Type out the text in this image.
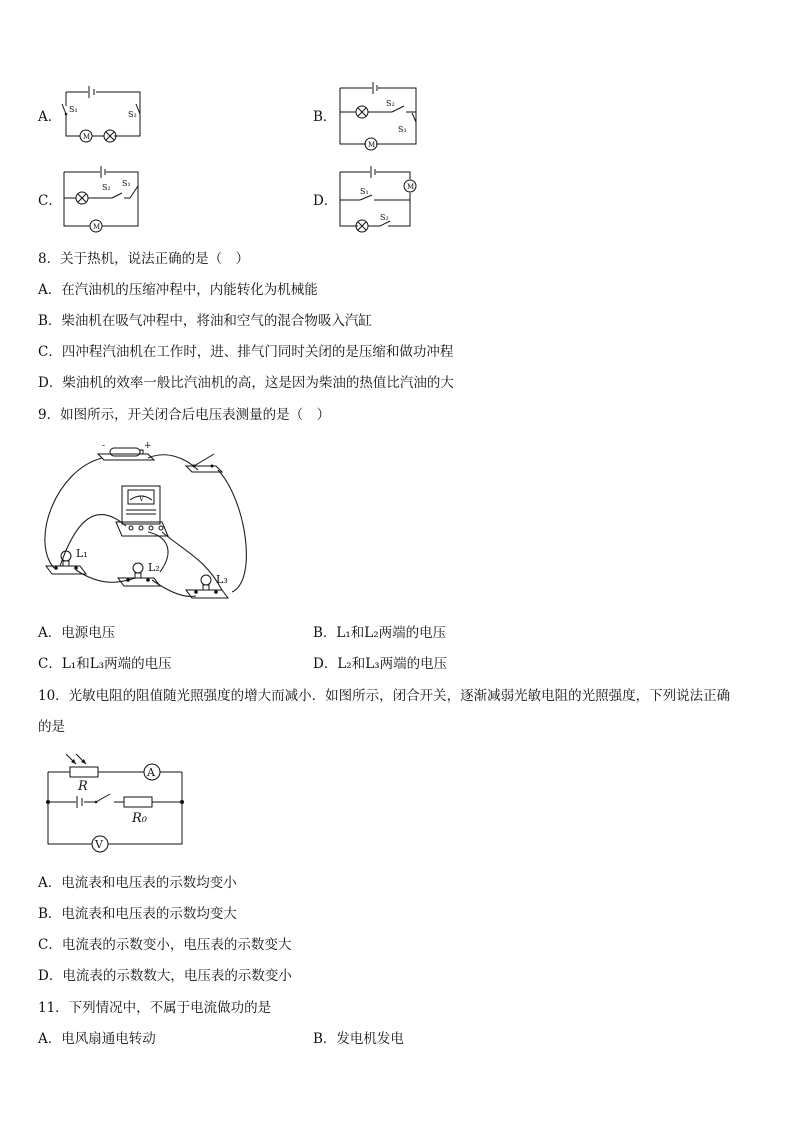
A． S₁
S₂
M
B．
S₂
S₁
M
C．
S₂ S₁
M
D．
M
S₁
S₂
8．关于热机，说法正确的是（　）
A．在汽油机的压缩冲程中，内能转化为机械能
B．柴油机在吸气冲程中，将油和空气的混合物吸入汽缸
C．四冲程汽油机在工作时，进、排气门同时关闭的是压缩和做功冲程
D．柴油机的效率一般比汽油机的高，这是因为柴油的热值比汽油的大
9．如图所示，开关闭合后电压表测量的是（　）
-	+
V
L₁
L₂
L₃
A．电源电压	B．L₁和L₂两端的电压
C．L₁和L₃两端的电压	D．L₂和L₃两端的电压
10．光敏电阻的阻值随光照强度的增大而减小．如图所示，闭合开关，逐渐减弱光敏电阻的光照强度，下列说法正确
的是
R
A
R₀
V
A．电流表和电压表的示数均变小
B．电流表和电压表的示数均变大
C．电流表的示数变小，电压表的示数变大
D．电流表的示数数大，电压表的示数变小
11．下列情况中，不属于电流做功的是
A．电风扇通电转动	B．发电机发电
